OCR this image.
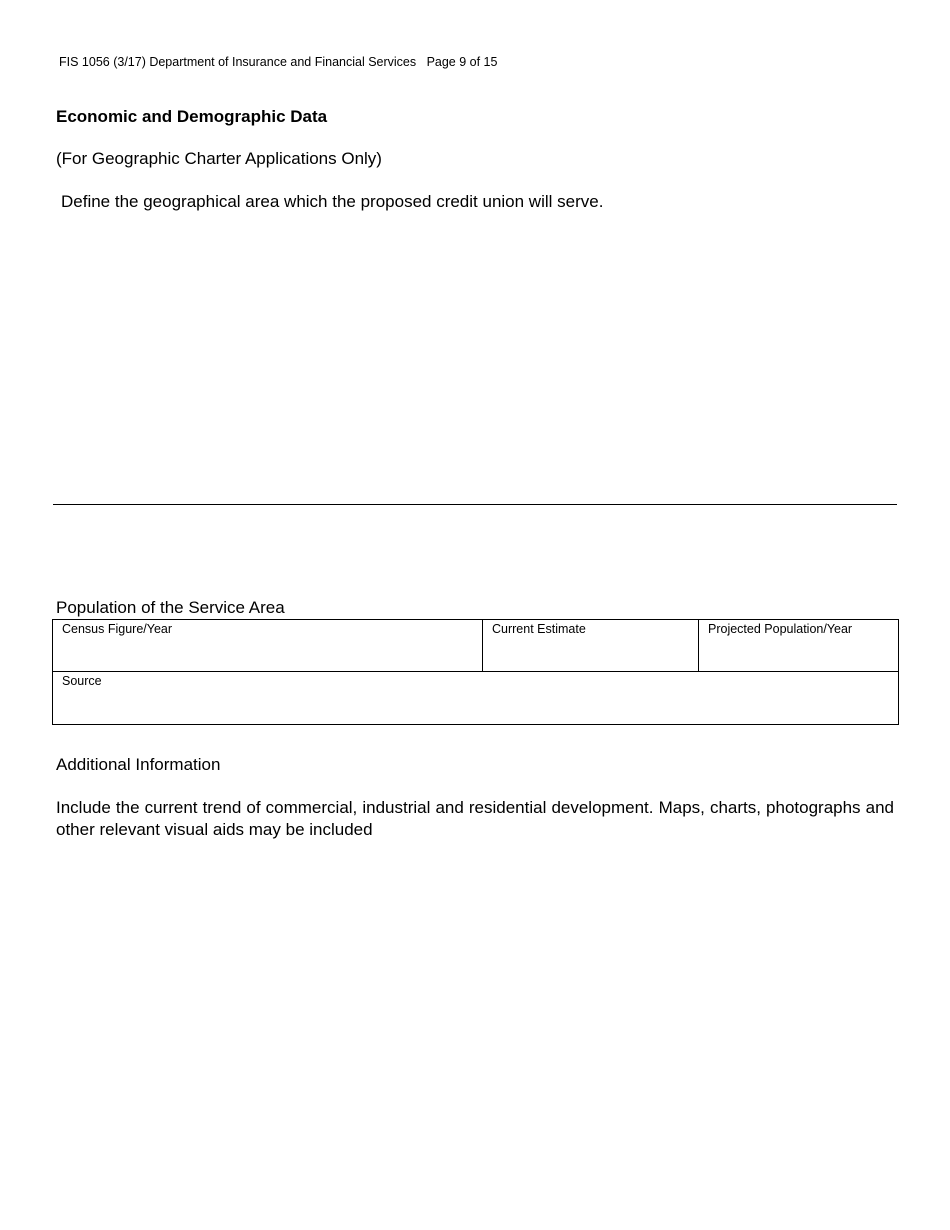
FIS 1056 (3/17) Department of Insurance and Financial Services Page 9 of 15
Economic and Demographic Data
(For Geographic Charter Applications Only)
Define the geographical area which the proposed credit union will serve.
Population of the Service Area
Census Figure/Year	Current Estimate	Projected Population/Year

Source
Additional Information
Include the current trend of commercial, industrial and residential development. Maps, charts, photographs and other relevant visual aids may be included
